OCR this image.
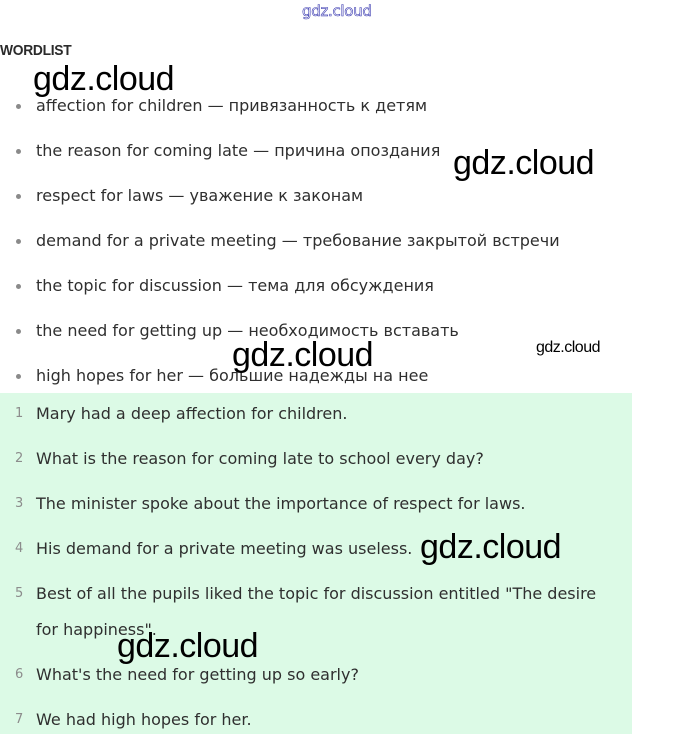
gdz.cloud
WORDLIST
affection for children — привязанность к детям
the reason for coming late — причина опоздания
respect for laws — уважение к законам
demand for a private meeting — требование закрытой встречи
the topic for discussion — тема для обсуждения
the need for getting up — необходимость вставать
high hopes for her — большие надежды на нее
1 Mary had a deep affection for children.
2 What is the reason for coming late to school every day?
3 The minister spoke about the importance of respect for laws.
4 His demand for a private meeting was useless.
5 Best of all the pupils liked the topic for discussion entitled "The desire for happiness".
6 What's the need for getting up so early?
7 We had high hopes for her.
gdz.cloud
gdz.cloud
gdz.cloud	gdz.cloud
gdz.cloud
gdz.cloud
